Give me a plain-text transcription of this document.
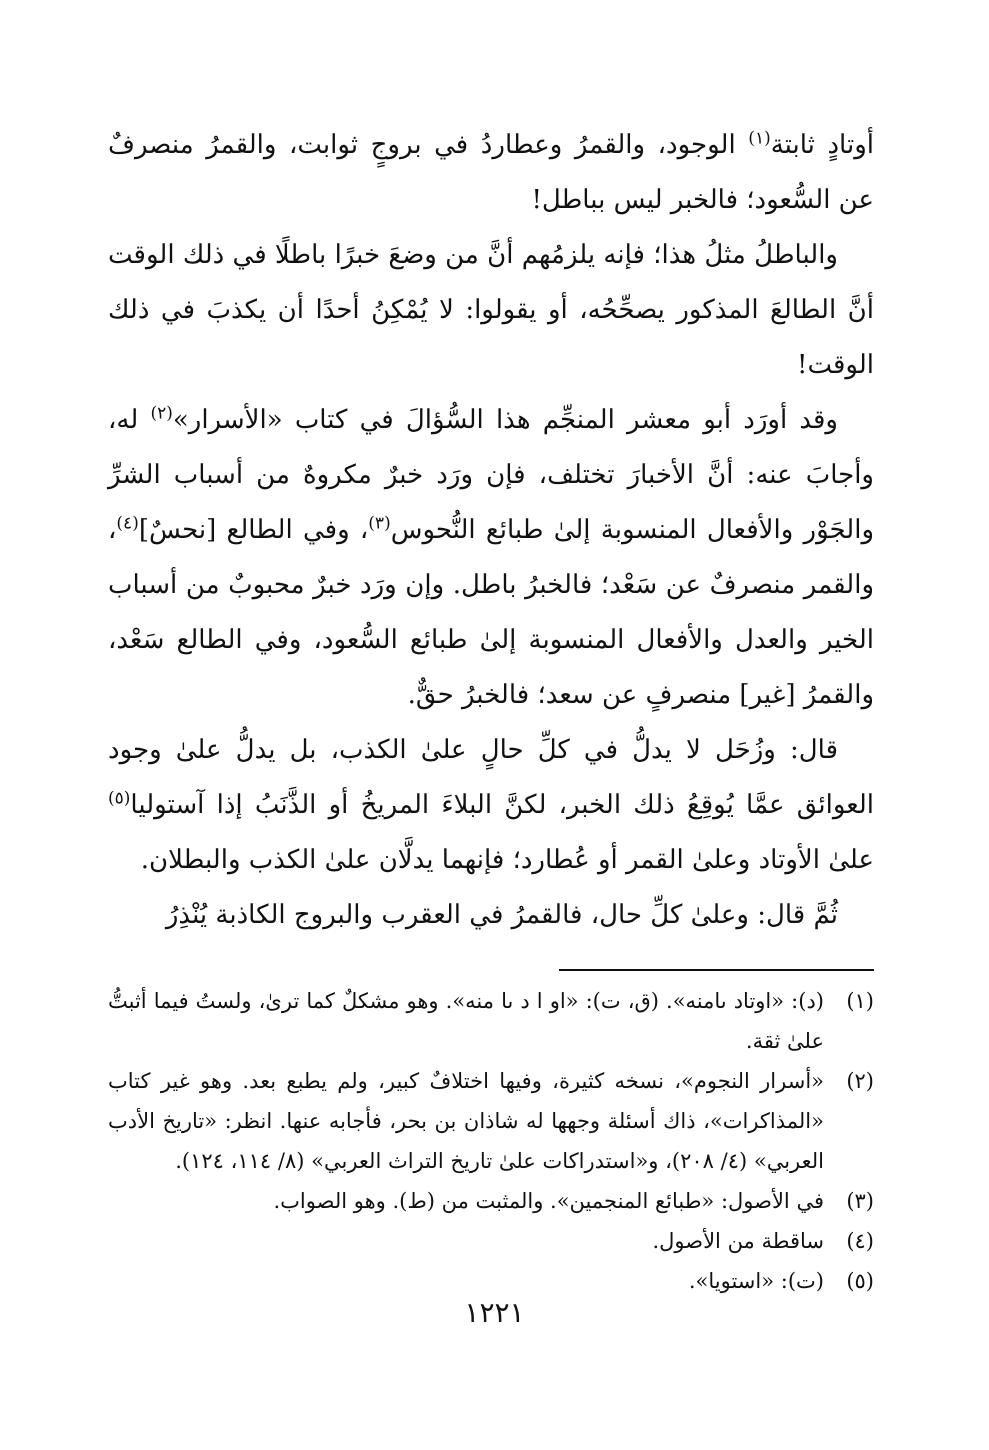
أوتادٍ ثابتة$^{(١)}$ الوجود، والقمرُ وعطاردُ في بروجٍ ثوابت، والقمرُ منصرفٌ عن السُّعود؛ فالخبر ليس بباطل!

والباطلُ مثلُ هذا؛ فإنه يلزمُهم أنَّ من وضعَ خبرًا باطلًا في ذلك الوقت أنَّ الطالعَ المذكور يصحِّحُه، أو يقولوا: لا يُمْكِنُ أحدًا أن يكذبَ في ذلك الوقت!

وقد أورَد أبو معشر المنجِّم هذا السُّؤالَ في كتاب «الأسرار»$^{(٢)}$ له، وأجابَ عنه: أنَّ الأخبارَ تختلف، فإن ورَد خبرٌ مكروهٌ من أسباب الشرِّ والجَوْر والأفعال المنسوبة إلىٰ طبائع النُّحوس$^{(٣)}$، وفي الطالع [نحسٌ]$^{(٤)}$، والقمر منصرفٌ عن سَعْد؛ فالخبرُ باطل. وإن ورَد خبرٌ محبوبٌ من أسباب الخير والعدل والأفعال المنسوبة إلىٰ طبائع السُّعود، وفي الطالع سَعْد، والقمرُ [غير] منصرفٍ عن سعد؛ فالخبرُ حقٌّ.

قال: وزُحَل لا يدلُّ في كلِّ حالٍ علىٰ الكذب، بل يدلُّ علىٰ وجود العوائق عمَّا يُوقِعُ ذلك الخبر، لكنَّ البلاءَ المريخُ أو الذَّنَبُ إذا آستوليا$^{(٥)}$ علىٰ الأوتاد وعلىٰ القمر أو عُطارد؛ فإنهما يدلَّان علىٰ الكذب والبطلان.

ثُمَّ قال: وعلىٰ كلِّ حال، فالقمرُ في العقرب والبروج الكاذبة يُنْذِرُ

(١)
(د): «اوتاد ىامنه». (ق، ت): «او ا د ىا منه». وهو مشكلٌ كما ترىٰ، ولستُ فيما أثبتُّ علىٰ ثقة.
(٢)
«أسرار النجوم»، نسخه كثيرة، وفيها اختلافٌ كبير، ولم يطبع بعد. وهو غير كتاب «المذاكرات»، ذاك أسئلة وجهها له شاذان بن بحر، فأجابه عنها. انظر: «تاريخ الأدب العربي» (٤/ ٢٠٨)، و«استدراكات علىٰ تاريخ التراث العربي» (٨/ ١١٤، ١٢٤).
(٣)
في الأصول: «طبائع المنجمين». والمثبت من (ط). وهو الصواب.
(٤)
ساقطة من الأصول.
(٥)
(ت): «استويا».
١٢٢١
